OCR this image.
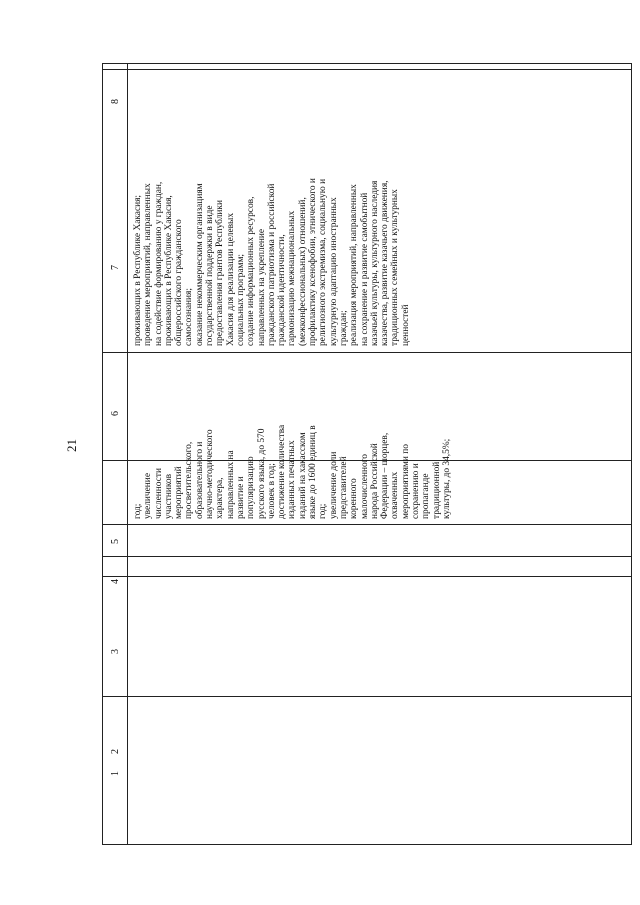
21
1
2
3
4
5
6
7
8

год; увеличение численности участников мероприятий просветительского, образовательного и научно-методического характера, направленных на развитие и популяризацию русского языка, до 570 человек в год; достижение количества изданных печатных изданий на хакасском языке до 1600 единиц в год; увеличение доли представителей коренного малочисленного народа Российской Федерации – шорцев, охваченных мероприятиями по сохранению и пропаганде традиционной культуры, до 34,5%;

проживающих в Республике Хакасия; проведение мероприятий, направленных на содействие формированию у граждан, проживающих в Республике Хакасия, общероссийского гражданского самосознания; оказание некоммерческим организациям государственной поддержки в виде предоставления грантов Республики Хакасия для реализации целевых социальных программ; создание информационных ресурсов, направленных на укрепление гражданского патриотизма и российской гражданской идентичности, гармонизацию межнациональных (межконфессиональных) отношений, профилактику ксенофобии, этнического и религиозного экстремизма, социальную и культурную адаптацию иностранных граждан; реализация мероприятий, направленных на сохранение и развитие самобытной казачьей культуры, культурного наследия казачества, развитие казачьего движения, традиционных семейных и культурных ценностей
